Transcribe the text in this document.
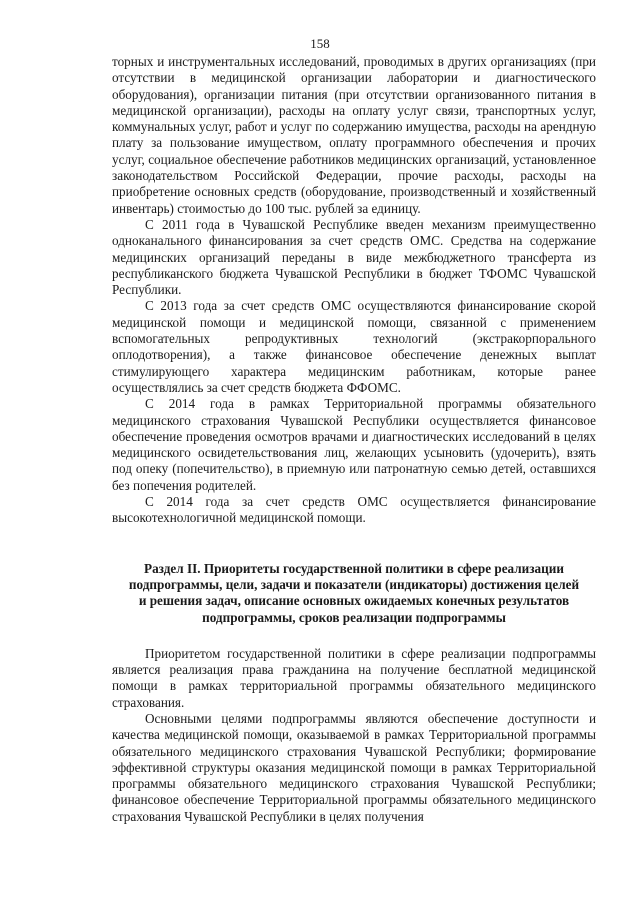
158

торных и инструментальных исследований, проводимых в других организациях (при отсутствии в медицинской организации лаборатории и диагностического оборудования), организации питания (при отсутствии организованного питания в медицинской организации), расходы на оплату услуг связи, транспортных услуг, коммунальных услуг, работ и услуг по содержанию имущества, расходы на арендную плату за пользование имуществом, оплату программного обеспечения и прочих услуг, социальное обеспечение работников медицинских организаций, установленное законодательством Российской Федерации, прочие расходы, расходы на приобретение основных средств (оборудование, производственный и хозяйственный инвентарь) стоимостью до 100 тыс. рублей за единицу.

С 2011 года в Чувашской Республике введен механизм преимущественно одноканального финансирования за счет средств ОМС. Средства на содержание медицинских организаций переданы в виде межбюджетного трансферта из республиканского бюджета Чувашской Республики в бюджет ТФОМС Чувашской Республики.

С 2013 года за счет средств ОМС осуществляются финансирование скорой медицинской помощи и медицинской помощи, связанной с применением вспомогательных репродуктивных технологий (экстракорпорального оплодотворения), а также финансовое обеспечение денежных выплат стимулирующего характера медицинским работникам, которые ранее осуществлялись за счет средств бюджета ФФОМС.

С 2014 года в рамках Территориальной программы обязательного медицинского страхования Чувашской Республики осуществляется финансовое обеспечение проведения осмотров врачами и диагностических исследований в целях медицинского освидетельствования лиц, желающих усыновить (удочерить), взять под опеку (попечительство), в приемную или патронатную семью детей, оставшихся без попечения родителей.

С 2014 года за счет средств ОМС осуществляется финансирование высокотехнологичной медицинской помощи.

Раздел II. Приоритеты государственной политики в сфере реализации
подпрограммы, цели, задачи и показатели (индикаторы) достижения целей
и решения задач, описание основных ожидаемых конечных результатов
подпрограммы, сроков реализации подпрограммы

Приоритетом государственной политики в сфере реализации подпрограммы является реализация права гражданина на получение бесплатной медицинской помощи в рамках территориальной программы обязательного медицинского страхования.

Основными целями подпрограммы являются обеспечение доступности и качества медицинской помощи, оказываемой в рамках Территориальной программы обязательного медицинского страхования Чувашской Республики; формирование эффективной структуры оказания медицинской помощи в рамках Территориальной программы обязательного медицинского страхования Чувашской Республики; финансовое обеспечение Территориальной программы обязательного медицинского страхования Чувашской Республики в целях получения
